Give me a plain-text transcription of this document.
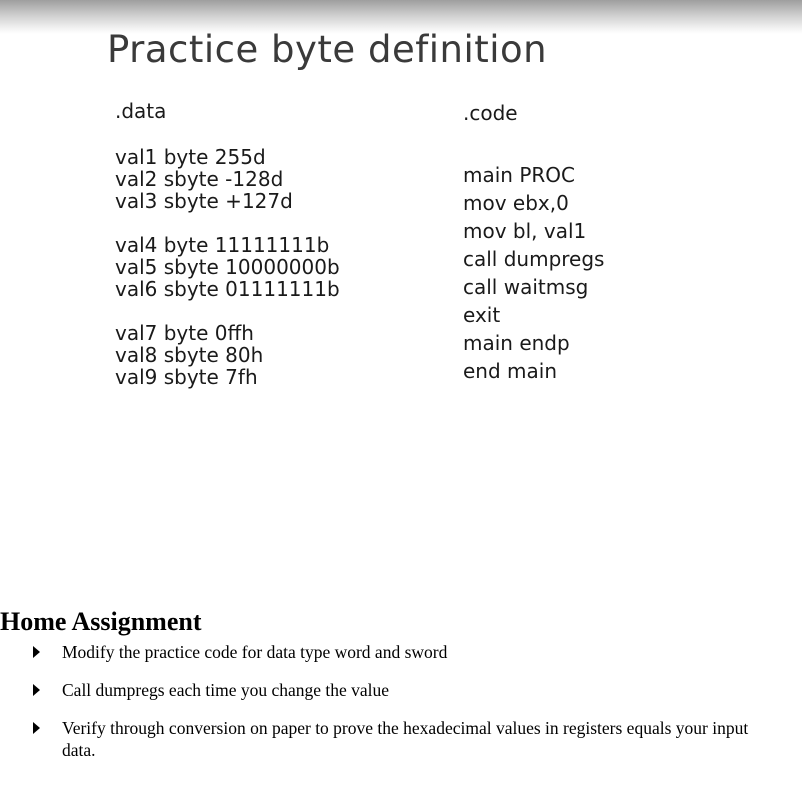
Practice byte definition
.data
val1 byte 255d
val2 sbyte -128d
val3 sbyte +127d
val4 byte 11111111b
val5 sbyte 10000000b
val6 sbyte 01111111b
val7 byte 0ffh
val8 sbyte 80h
val9 sbyte 7fh
.code
main PROC
mov ebx,0
mov bl, val1
call dumpregs
call waitmsg
exit
main endp
end main
Home Assignment
Modify the practice code for data type word and sword
Call dumpregs each time you change the value
Verify through conversion on paper to prove the hexadecimal values in registers equals your input data.
